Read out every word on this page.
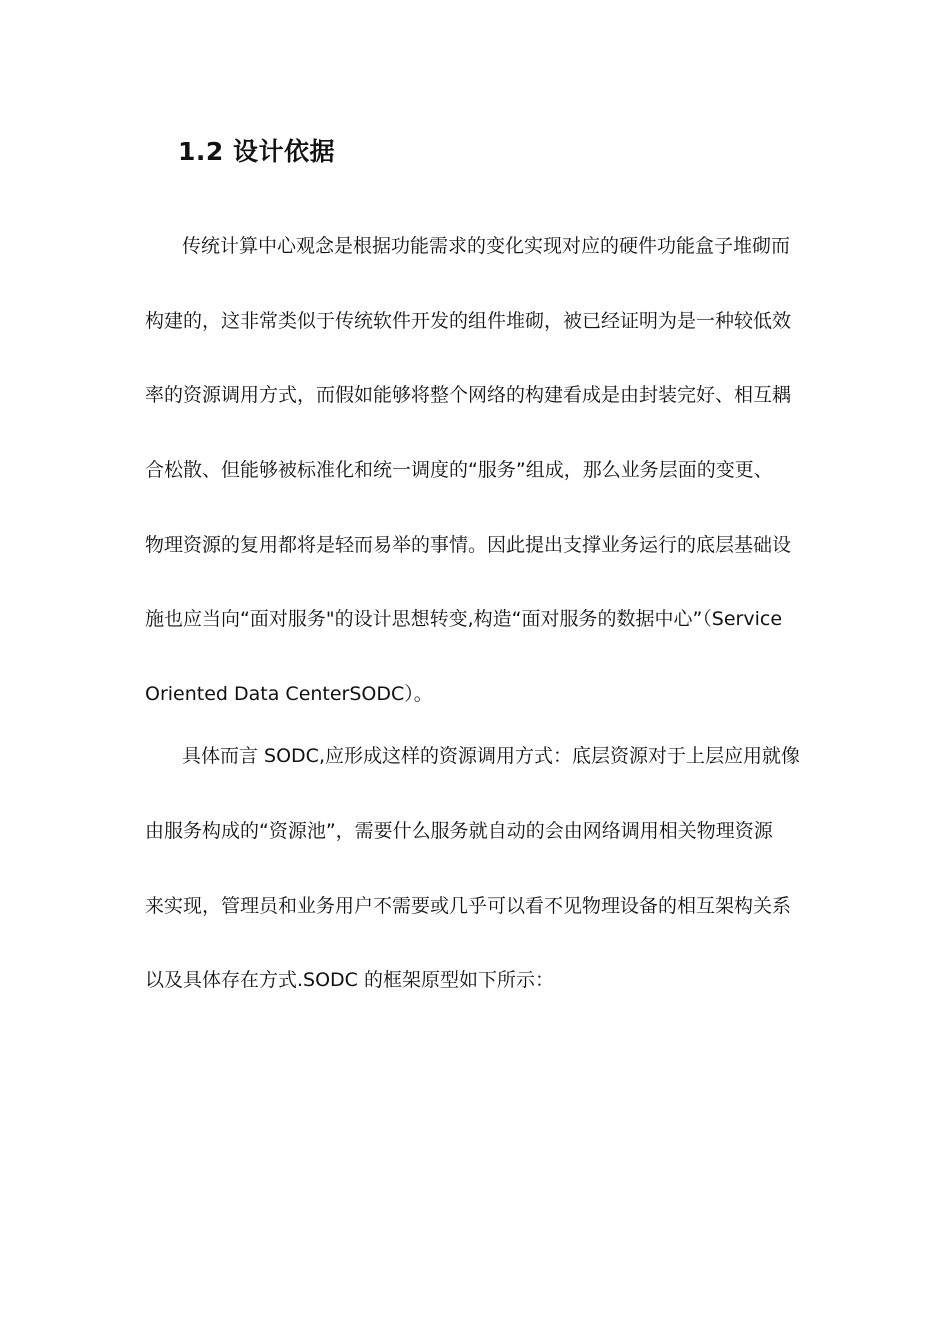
1.2 设计依据
传统计算中心观念是根据功能需求的变化实现对应的硬件功能盒子堆砌而
构建的，这非常类似于传统软件开发的组件堆砌，被已经证明为是一种较低效
率的资源调用方式，而假如能够将整个网络的构建看成是由封装完好、相互耦
合松散、但能够被标准化和统一调度的“服务”组成，那么业务层面的变更、
物理资源的复用都将是轻而易举的事情。因此提出支撑业务运行的底层基础设
施也应当向“面对服务"的设计思想转变,构造“面对服务的数据中心”（Service
Oriented Data CenterSODC）。
具体而言 SODC,应形成这样的资源调用方式：底层资源对于上层应用就像
由服务构成的“资源池”，需要什么服务就自动的会由网络调用相关物理资源
来实现，管理员和业务用户不需要或几乎可以看不见物理设备的相互架构关系
以及具体存在方式.SODC 的框架原型如下所示：
